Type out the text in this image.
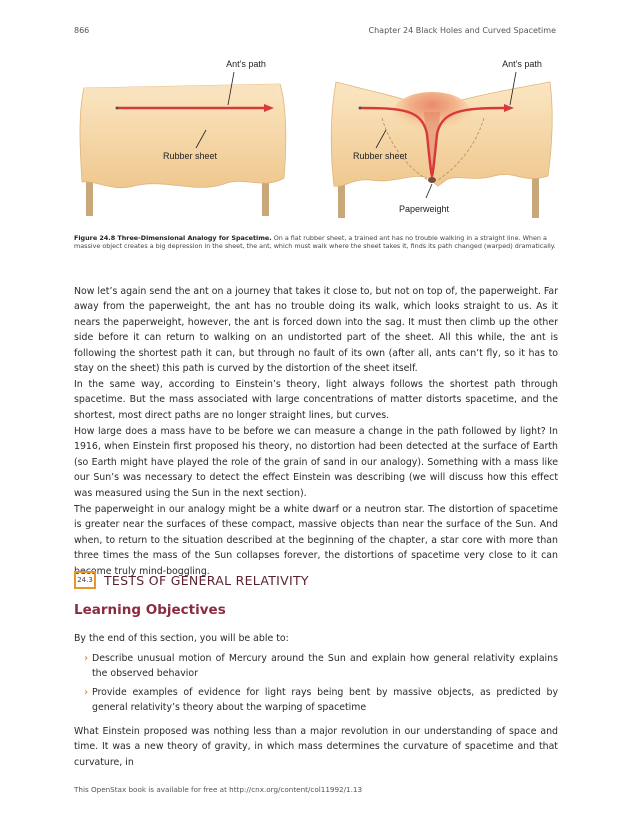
866	Chapter 24 Black Holes and Curved Spacetime
Ant’s path
Rubber sheet
Ant’s path
Rubber sheet
Paperweight
Figure 24.8 Three-Dimensional Analogy for Spacetime. On a flat rubber sheet, a trained ant has no trouble walking in a straight line. When a massive object creates a big depression in the sheet, the ant, which must walk where the sheet takes it, finds its path changed (warped) dramatically.

Now let’s again send the ant on a journey that takes it close to, but not on top of, the paperweight. Far away from the paperweight, the ant has no trouble doing its walk, which looks straight to us. As it nears the paperweight, however, the ant is forced down into the sag. It must then climb up the other side before it can return to walking on an undistorted part of the sheet. All this while, the ant is following the shortest path it can, but through no fault of its own (after all, ants can’t fly, so it has to stay on the sheet) this path is curved by the distortion of the sheet itself.

In the same way, according to Einstein’s theory, light always follows the shortest path through spacetime. But the mass associated with large concentrations of matter distorts spacetime, and the shortest, most direct paths are no longer straight lines, but curves.

How large does a mass have to be before we can measure a change in the path followed by light? In 1916, when Einstein first proposed his theory, no distortion had been detected at the surface of Earth (so Earth might have played the role of the grain of sand in our analogy). Something with a mass like our Sun’s was necessary to detect the effect Einstein was describing (we will discuss how this effect was measured using the Sun in the next section).

The paperweight in our analogy might be a white dwarf or a neutron star. The distortion of spacetime is greater near the surfaces of these compact, massive objects than near the surface of the Sun. And when, to return to the situation described at the beginning of the chapter, a star core with more than three times the mass of the Sun collapses forever, the distortions of spacetime very close to it can become truly mind-boggling.

24.3 TESTS OF GENERAL RELATIVITY
Learning Objectives

By the end of this section, you will be able to:

› Describe unusual motion of Mercury around the Sun and explain how general relativity explains the observed behavior
› Provide examples of evidence for light rays being bent by massive objects, as predicted by general relativity’s theory about the warping of spacetime

What Einstein proposed was nothing less than a major revolution in our understanding of space and time. It was a new theory of gravity, in which mass determines the curvature of spacetime and that curvature, in

This OpenStax book is available for free at http://cnx.org/content/col11992/1.13
